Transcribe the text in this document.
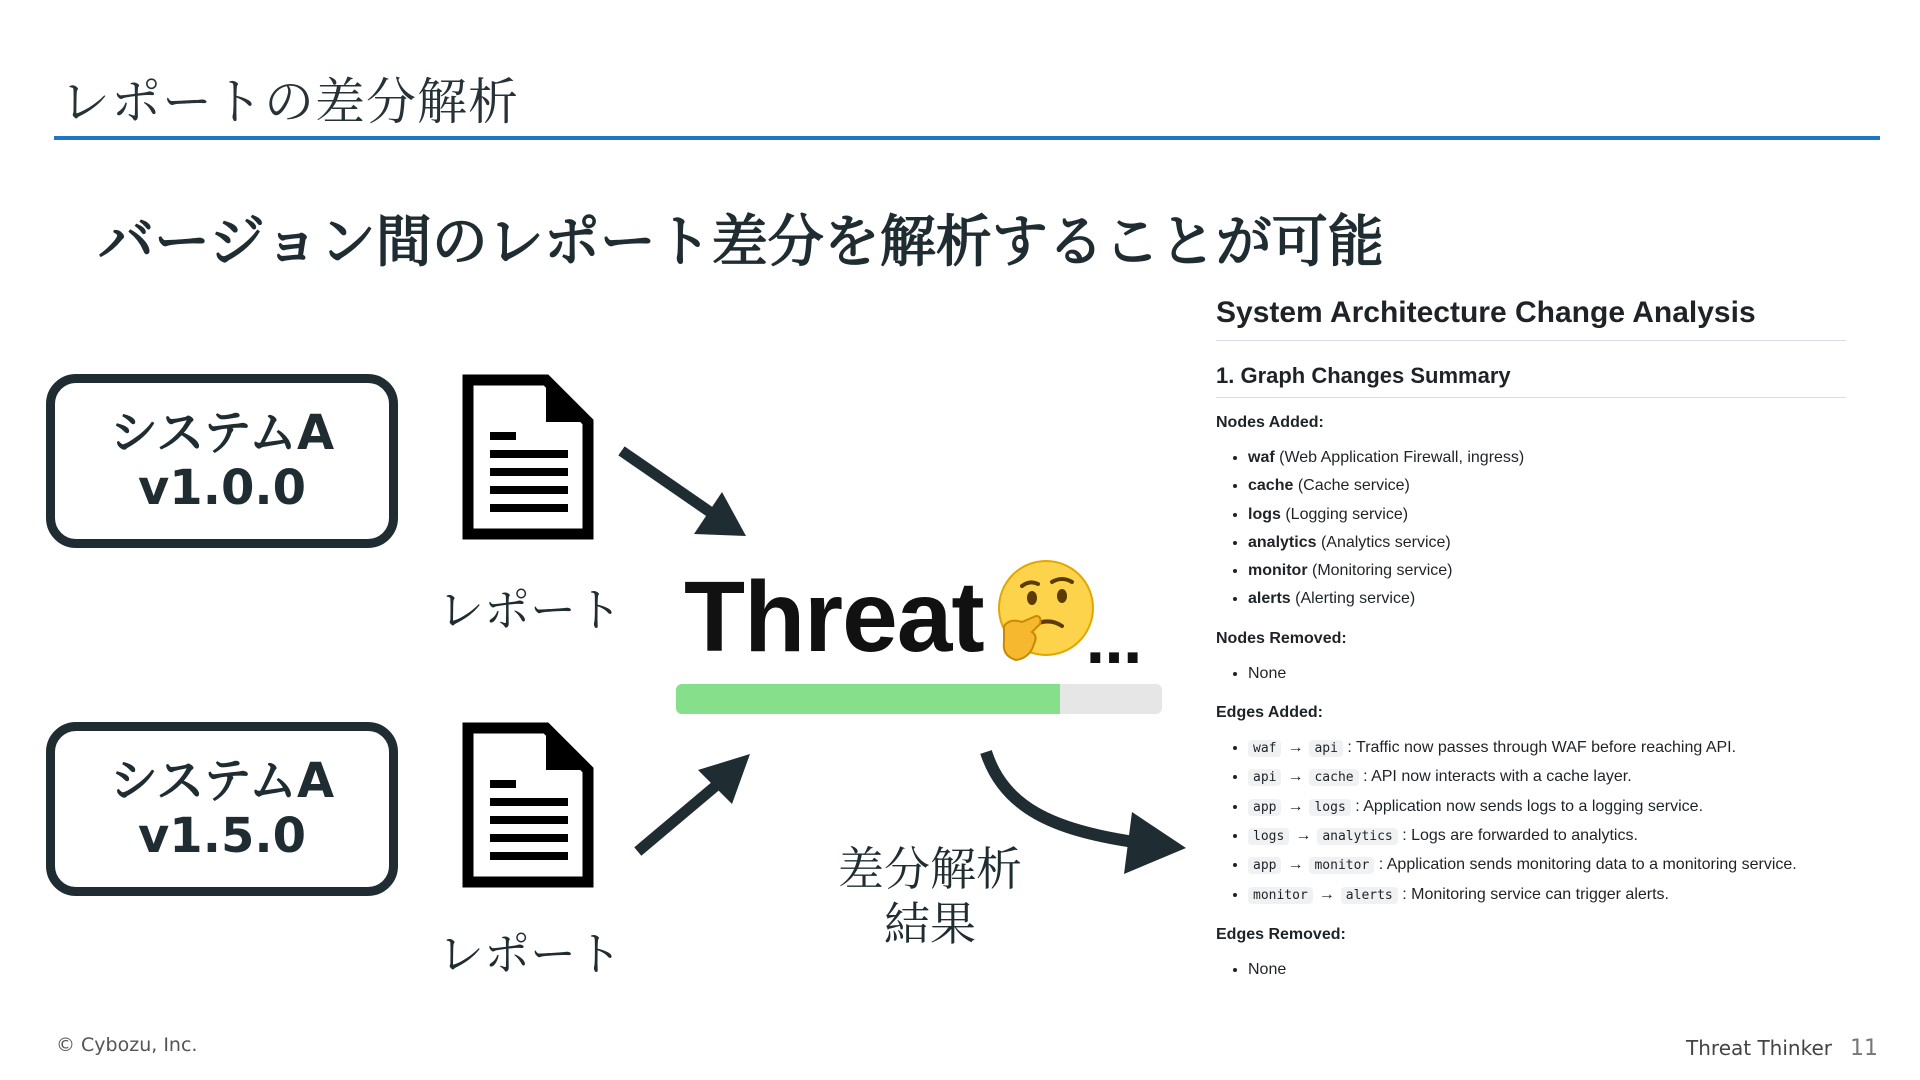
レポートの差分解析
バージョン間のレポート差分を解析することが可能
システムA
v1.0.0
システムA
v1.5.0
レポート
レポート
Threat …
差分解析
結果
System Architecture Change Analysis
1. Graph Changes Summary
Nodes Added:
• waf (Web Application Firewall, ingress)
• cache (Cache service)
• logs (Logging service)
• analytics (Analytics service)
• monitor (Monitoring service)
• alerts (Alerting service)
Nodes Removed:
• None
Edges Added:
• waf → api : Traffic now passes through WAF before reaching API.
• api → cache : API now interacts with a cache layer.
• app → logs : Application now sends logs to a logging service.
• logs → analytics : Logs are forwarded to analytics.
• app → monitor : Application sends monitoring data to a monitoring service.
• monitor → alerts : Monitoring service can trigger alerts.
Edges Removed:
• None
© Cybozu, Inc.	Threat Thinker 11
